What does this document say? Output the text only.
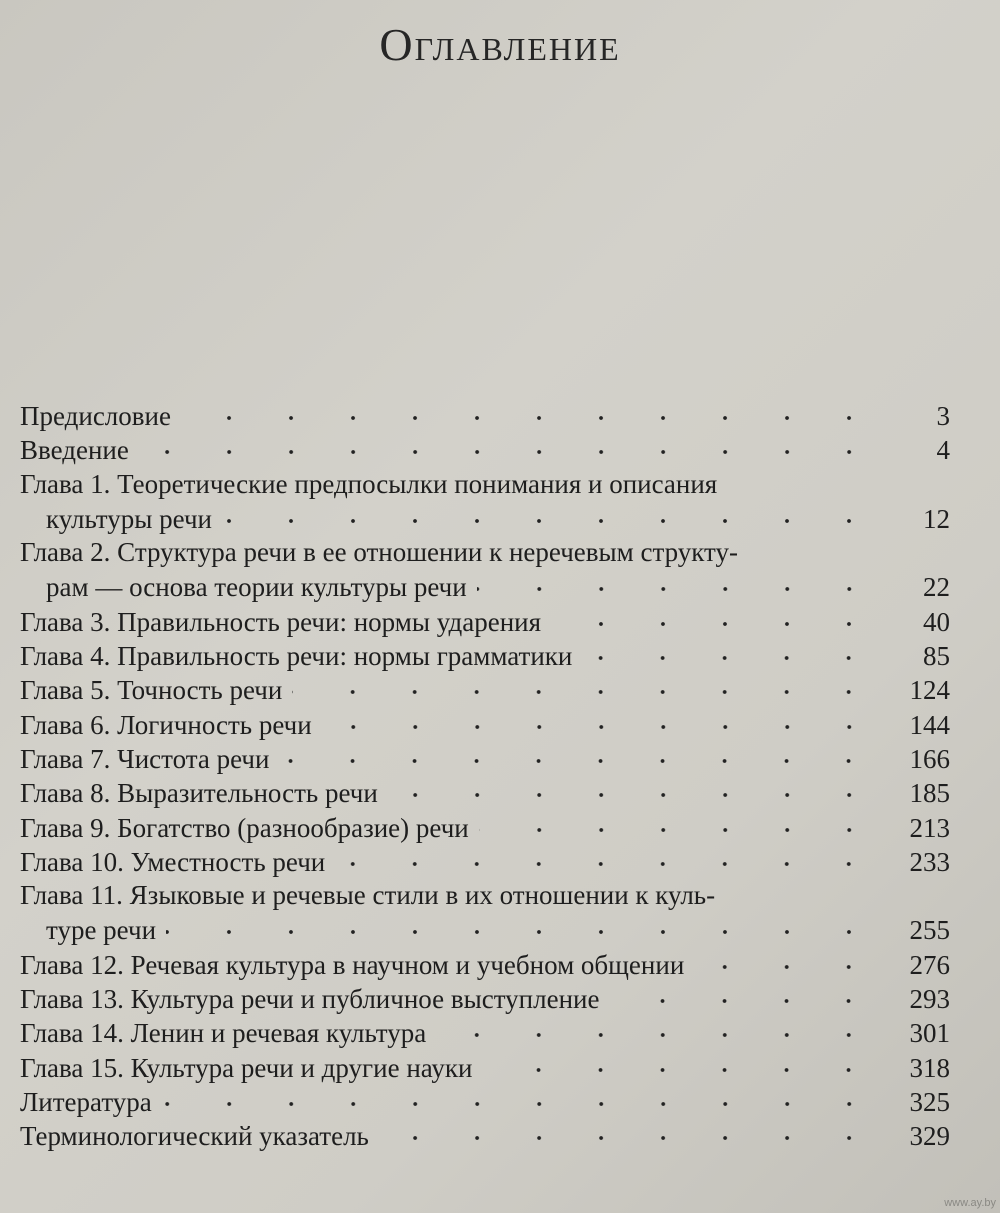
Оглавление
Предисловие	3
Введение	4
Глава 1. Теоретические предпосылки понимания и описания
культуры речи	12
Глава 2. Структура речи в ее отношении к неречевым структу-
рам — основа теории культуры речи	22
Глава 3. Правильность речи: нормы ударения	40
Глава 4. Правильность речи: нормы грамматики	85
Глава 5. Точность речи	124
Глава 6. Логичность речи	144
Глава 7. Чистота речи	166
Глава 8. Выразительность речи	185
Глава 9. Богатство (разнообразие) речи	213
Глава 10. Уместность речи	233
Глава 11. Языковые и речевые стили в их отношении к куль-
туре речи	255
Глава 12. Речевая культура в научном и учебном общении	276
Глава 13. Культура речи и публичное выступление	293
Глава 14. Ленин и речевая культура	301
Глава 15. Культура речи и другие науки	318
Литература	325
Терминологический указатель	329
www.ay.by
